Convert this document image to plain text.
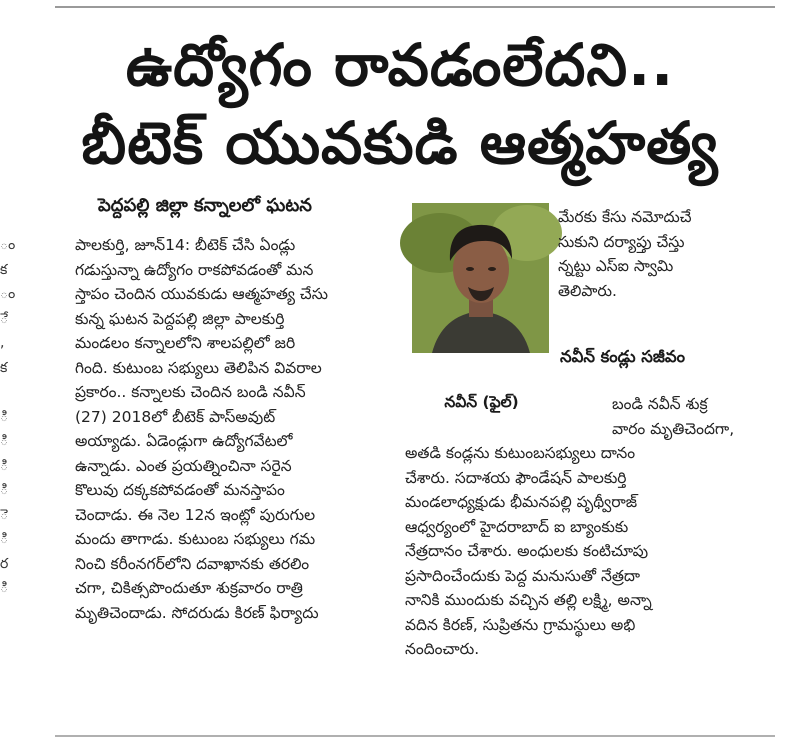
ఉద్యోగం రావడంలేదని..
బీటెక్ యువకుడి ఆత్మహత్య
పెద్దపల్లి జిల్లా కన్నాలలో ఘటన
ం
క
ం
ే
,
క

ి
ి
ి
ి
ె
ి
ర
ి

పాలకుర్తి, జూన్14: బీటెక్ చేసి ఏండ్లు

గడుస్తున్నా ఉద్యోగం రాకపోవడంతో మన

స్తాపం చెందిన యువకుడు ఆత్మహత్య చేసు

కున్న ఘటన పెద్దపల్లి జిల్లా పాలకుర్తి

మండలం కన్నాలలోని శాలపల్లిలో జరి

గింది. కుటుంబ సభ్యులు తెలిపిన వివరాల

ప్రకారం.. కన్నాలకు చెందిన బండి నవీన్

(27) 2018లో బీటెక్ పాస్అవుట్

అయ్యాడు. ఏడెండ్లుగా ఉద్యోగవేటలో

ఉన్నాడు. ఎంత ప్రయత్నించినా సరైన

కొలువు దక్కకపోవడంతో మనస్తాపం

చెందాడు. ఈ నెల 12న ఇంట్లో పురుగుల

మందు తాగాడు. కుటుంబ సభ్యులు గమ

నించి కరీంనగర్‌లోని దవాఖానకు తరలిం

చగా, చికిత్సపొందుతూ శుక్రవారం రాత్రి

మృతిచెందాడు. సోదరుడు కిరణ్ ఫిర్యాదు

నవీన్ (ఫైల్)

మేరకు కేసు నమోదుచే

సుకుని దర్యాప్తు చేస్తు

న్నట్టు ఎస్ఐ స్వామి

తెలిపారు.

నవీన్ కండ్లు సజీవం

బండి నవీన్ శుక్ర

వారం మృతిచెందగా,

అతడి కండ్లను కుటుంబసభ్యులు దానం

చేశారు. సదాశయ ఫౌండేషన్ పాలకుర్తి

మండలాధ్యక్షుడు భీమనపల్లి పృథ్వీరాజ్

ఆధ్వర్యంలో హైదరాబాద్ ఐ బ్యాంకుకు

నేత్రదానం చేశారు. అంధులకు కంటిచూపు

ప్రసాదించేందుకు పెద్ద మనుసుతో నేత్రదా

నానికి ముందుకు వచ్చిన తల్లి లక్ష్మి, అన్నా

వదిన కిరణ్, సుప్రితను గ్రామస్థులు అభి

నందించారు.
